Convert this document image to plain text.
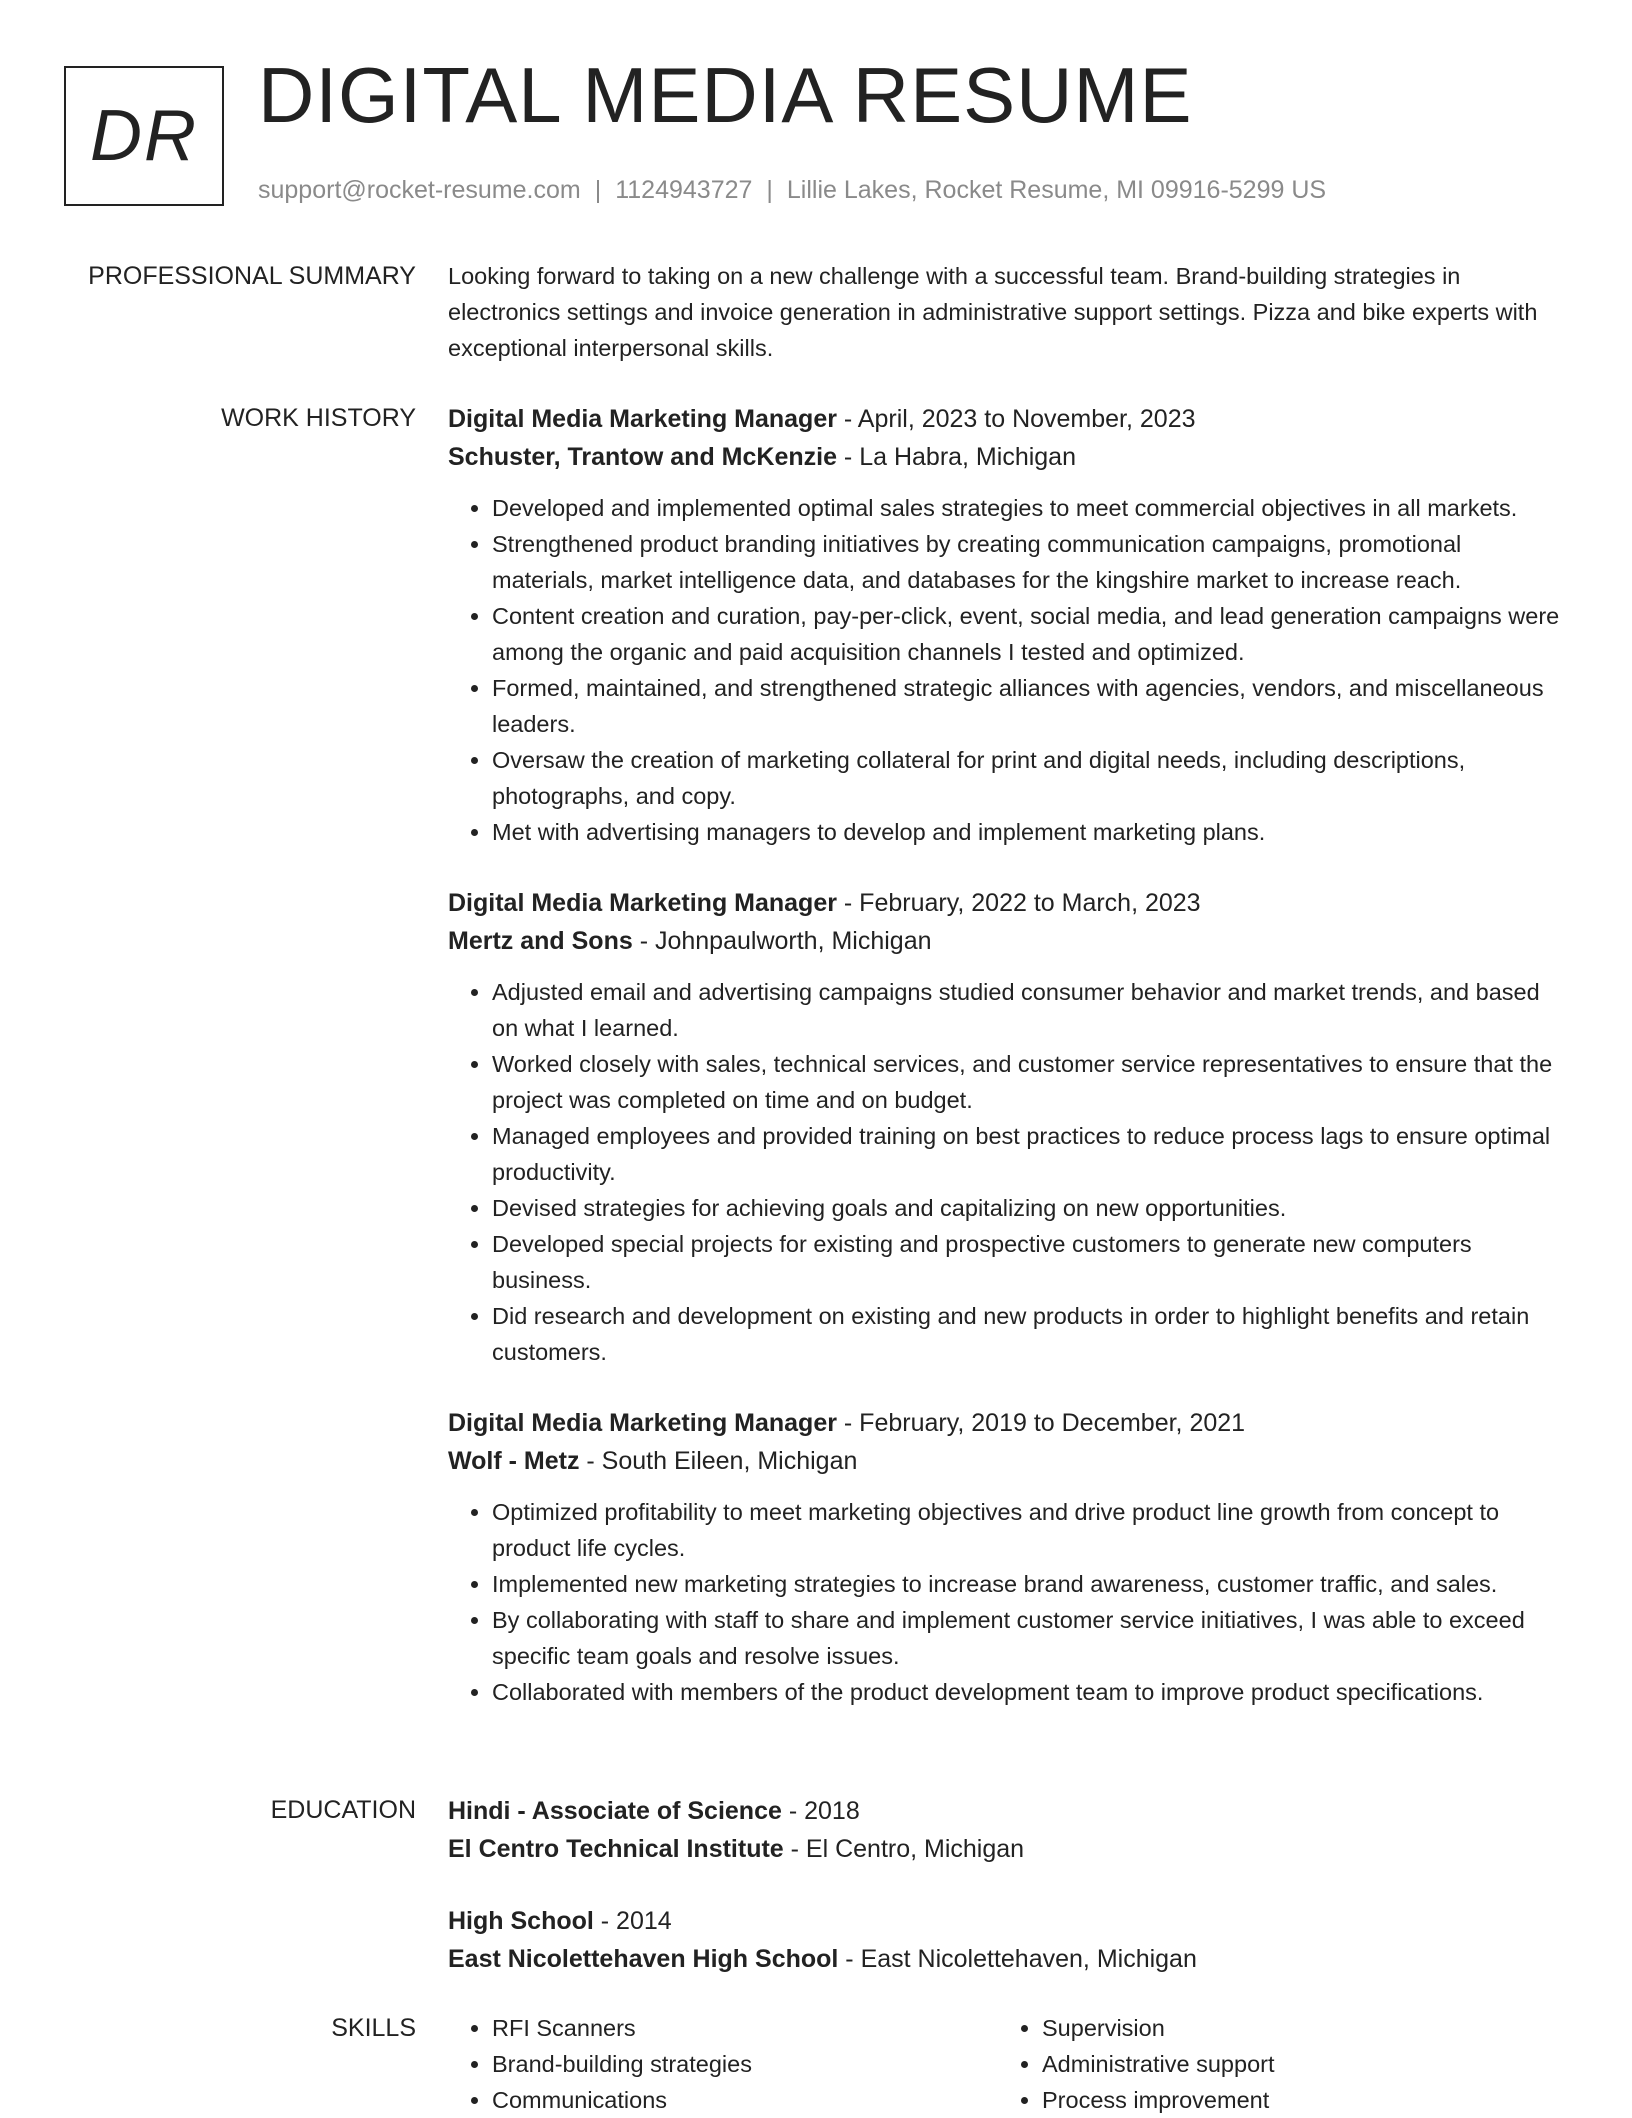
DR DIGITAL MEDIA RESUME
support@rocket-resume.com | 1124943727 | Lillie Lakes, Rocket Resume, MI 09916-5299 US
PROFESSIONAL SUMMARY Looking forward to taking on a new challenge with a successful team. Brand-building strategies in electronics settings and invoice generation in administrative support settings. Pizza and bike experts with exceptional interpersonal skills.

WORK HISTORY Digital Media Marketing Manager - April, 2023 to November, 2023
Schuster, Trantow and McKenzie - La Habra, Michigan
• Developed and implemented optimal sales strategies to meet commercial objectives in all markets.
• Strengthened product branding initiatives by creating communication campaigns, promotional materials, market intelligence data, and databases for the kingshire market to increase reach.
• Content creation and curation, pay-per-click, event, social media, and lead generation campaigns were among the organic and paid acquisition channels I tested and optimized.
• Formed, maintained, and strengthened strategic alliances with agencies, vendors, and miscellaneous leaders.
• Oversaw the creation of marketing collateral for print and digital needs, including descriptions, photographs, and copy.
• Met with advertising managers to develop and implement marketing plans.
Digital Media Marketing Manager - February, 2022 to March, 2023
Mertz and Sons - Johnpaulworth, Michigan
• Adjusted email and advertising campaigns studied consumer behavior and market trends, and based on what I learned.
• Worked closely with sales, technical services, and customer service representatives to ensure that the project was completed on time and on budget.
• Managed employees and provided training on best practices to reduce process lags to ensure optimal productivity.
• Devised strategies for achieving goals and capitalizing on new opportunities.
• Developed special projects for existing and prospective customers to generate new computers business.
• Did research and development on existing and new products in order to highlight benefits and retain customers.
Digital Media Marketing Manager - February, 2019 to December, 2021
Wolf - Metz - South Eileen, Michigan
• Optimized profitability to meet marketing objectives and drive product line growth from concept to product life cycles.
• Implemented new marketing strategies to increase brand awareness, customer traffic, and sales.
• By collaborating with staff to share and implement customer service initiatives, I was able to exceed specific team goals and resolve issues.
• Collaborated with members of the product development team to improve product specifications.
EDUCATION Hindi - Associate of Science - 2018
El Centro Technical Institute - El Centro, Michigan
High School - 2014
East Nicolettehaven High School - East Nicolettehaven, Michigan
SKILLS
•	RFI Scanners
• Brand-building strategies
• Communications
• Supervision
• Administrative support
• Process improvement
